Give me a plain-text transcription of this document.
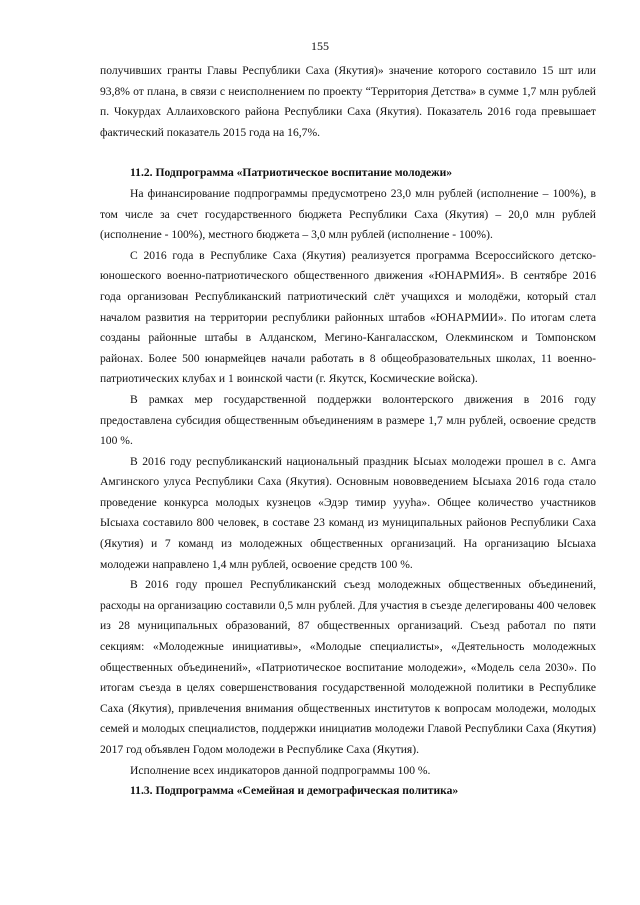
155

получивших гранты Главы Республики Саха (Якутия)» значение которого составило 15 шт или 93,8% от плана, в связи с неисполнением по проекту “Территория Детства» в сумме 1,7 млн рублей п. Чокурдах Аллаиховского района Республики Саха (Якутия). Показатель 2016 года превышает фактический показатель 2015 года на 16,7%.

11.2. Подпрограмма «Патриотическое воспитание молодежи»

На финансирование подпрограммы предусмотрено 23,0 млн рублей (исполнение – 100%), в том числе за счет государственного бюджета Республики Саха (Якутия) – 20,0 млн рублей (исполнение - 100%), местного бюджета – 3,0 млн рублей (исполнение - 100%).

С 2016 года в Республике Саха (Якутия) реализуется программа Всероссийского детско-юношеского военно-патриотического общественного движения «ЮНАРМИЯ». В сентябре 2016 года организован Республиканский патриотический слёт учащихся и молодёжи, который стал началом развития на территории республики районных штабов «ЮНАРМИИ». По итогам слета созданы районные штабы в Алданском, Мегино-Кангаласском, Олекминском и Томпонском районах. Более 500 юнармейцев начали работать в 8 общеобразовательных школах, 11 военно-патриотических клубах и 1 воинской части (г. Якутск, Космические войска).

В рамках мер государственной поддержки волонтерского движения в 2016 году предоставлена субсидия общественным объединениям в размере 1,7 млн рублей, освоение средств 100 %.

В 2016 году республиканский национальный праздник Ысыах молодежи прошел в с. Амга Амгинского улуса Республики Саха (Якутия). Основным нововведением Ысыаха 2016 года стало проведение конкурса молодых кузнецов «Эдэр тимир уууhа». Общее количество участников Ысыаха составило 800 человек, в составе 23 команд из муниципальных районов Республики Саха (Якутия) и 7 команд из молодежных общественных организаций. На организацию Ысыаха молодежи направлено 1,4 млн рублей, освоение средств 100 %.

В 2016 году прошел Республиканский съезд молодежных общественных объединений, расходы на организацию составили 0,5 млн рублей. Для участия в съезде делегированы 400 человек из 28 муниципальных образований, 87 общественных организаций. Съезд работал по пяти секциям: «Молодежные инициативы», «Молодые специалисты», «Деятельность молодежных общественных объединений», «Патриотическое воспитание молодежи», «Модель села 2030». По итогам съезда в целях совершенствования государственной молодежной политики в Республике Саха (Якутия), привлечения внимания общественных институтов к вопросам молодежи, молодых семей и молодых специалистов, поддержки инициатив молодежи Главой Республики Саха (Якутия) 2017 год объявлен Годом молодежи в Республике Саха (Якутия).

Исполнение всех индикаторов данной подпрограммы 100 %.

11.3. Подпрограмма «Семейная и демографическая политика»
